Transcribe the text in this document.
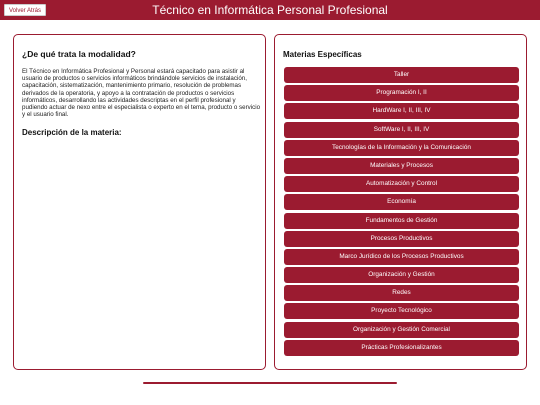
Técnico en Informática Personal Profesional
Volver Atrás
¿De qué trata la modalidad?

El Técnico en Informática Profesional y Personal estará capacitado para asistir al usuario de productos o servicios informáticos brindándole servicios de instalación, capacitación, sistematización, mantenimiento primario, resolución de problemas derivados de la operatoria, y apoyo a la contratación de productos o servicios informáticos, desarrollando las actividades descriptas en el perfil profesional y pudiendo actuar de nexo entre el especialista o experto en el tema, producto o servicio y el usuario final.

Descripción de la materia:
Materias Específicas
Taller
Programación I, II
HardWare I, II, III, IV
SoftWare I, II, III, IV
Tecnologías de la Información y la Comunicación
Materiales y Procesos
Automatización y Control
Economía
Fundamentos de Gestión
Procesos Productivos
Marco Jurídico de los Procesos Productivos
Organización y Gestión
Redes
Proyecto Tecnológico
Organización y Gestión Comercial
Prácticas Profesionalizantes
